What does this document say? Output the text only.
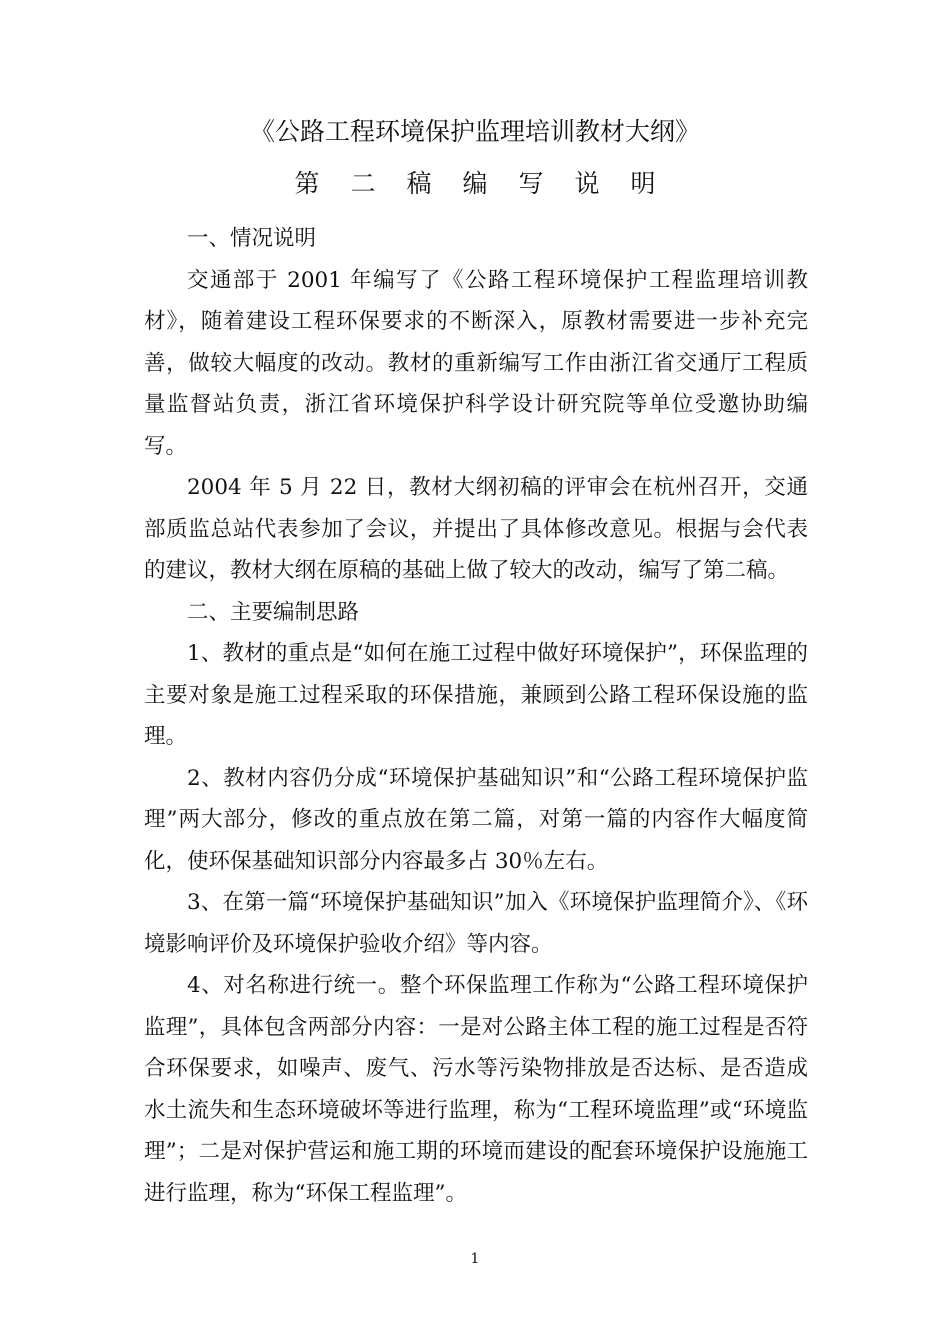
《公路工程环境保护监理培训教材大纲》
第二稿编写说明

一、情况说明

交通部于 2001 年编写了《公路工程环境保护工程监理培训教材》，随着建设工程环保要求的不断深入，原教材需要进一步补充完善，做较大幅度的改动。教材的重新编写工作由浙江省交通厅工程质量监督站负责，浙江省环境保护科学设计研究院等单位受邀协助编写。

2004 年 5 月 22 日，教材大纲初稿的评审会在杭州召开，交通部质监总站代表参加了会议，并提出了具体修改意见。根据与会代表的建议，教材大纲在原稿的基础上做了较大的改动，编写了第二稿。

二、主要编制思路

1、教材的重点是“如何在施工过程中做好环境保护”，环保监理的主要对象是施工过程采取的环保措施，兼顾到公路工程环保设施的监理。

2、教材内容仍分成“环境保护基础知识”和“公路工程环境保护监理”两大部分，修改的重点放在第二篇，对第一篇的内容作大幅度简化，使环保基础知识部分内容最多占 30％左右。

3、在第一篇“环境保护基础知识”加入《环境保护监理简介》、《环境影响评价及环境保护验收介绍》等内容。

4、对名称进行统一。整个环保监理工作称为“公路工程环境保护监理”，具体包含两部分内容：一是对公路主体工程的施工过程是否符合环保要求，如噪声、废气、污水等污染物排放是否达标、是否造成水土流失和生态环境破坏等进行监理，称为“工程环境监理”或“环境监理”；二是对保护营运和施工期的环境而建设的配套环境保护设施施工进行监理，称为“环保工程监理”。

1
